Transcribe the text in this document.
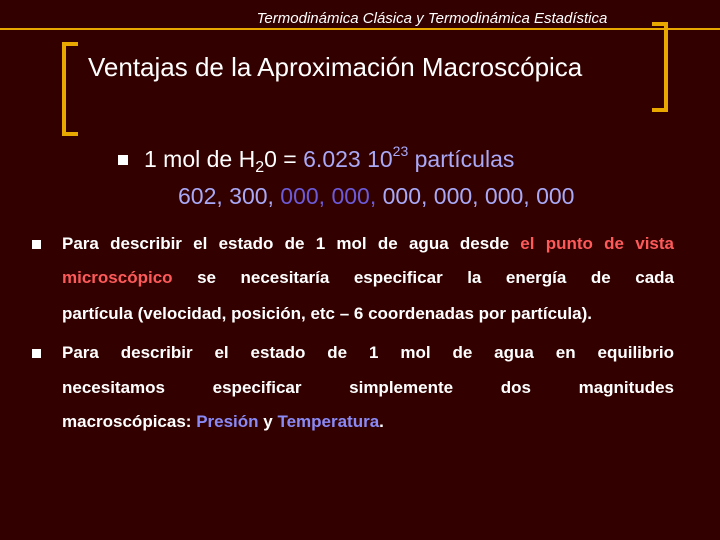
Termodinámica Clásica y Termodinámica Estadística
Ventajas de la Aproximación Macroscópica
1 mol de $H_20 = 6.023$ $10^{23}$ partículas
602, 300, 000, 000, 000, 000, 000, 000
Para describir el estado de 1 mol de agua desde el punto de vista
microscópico se necesitaría especificar la energía de cada
partícula (velocidad, posición, etc – 6 coordenadas por partícula).
Para describir el estado de 1 mol de agua en equilibrio
necesitamos especificar simplemente dos magnitudes
macroscópicas: Presión y Temperatura.
